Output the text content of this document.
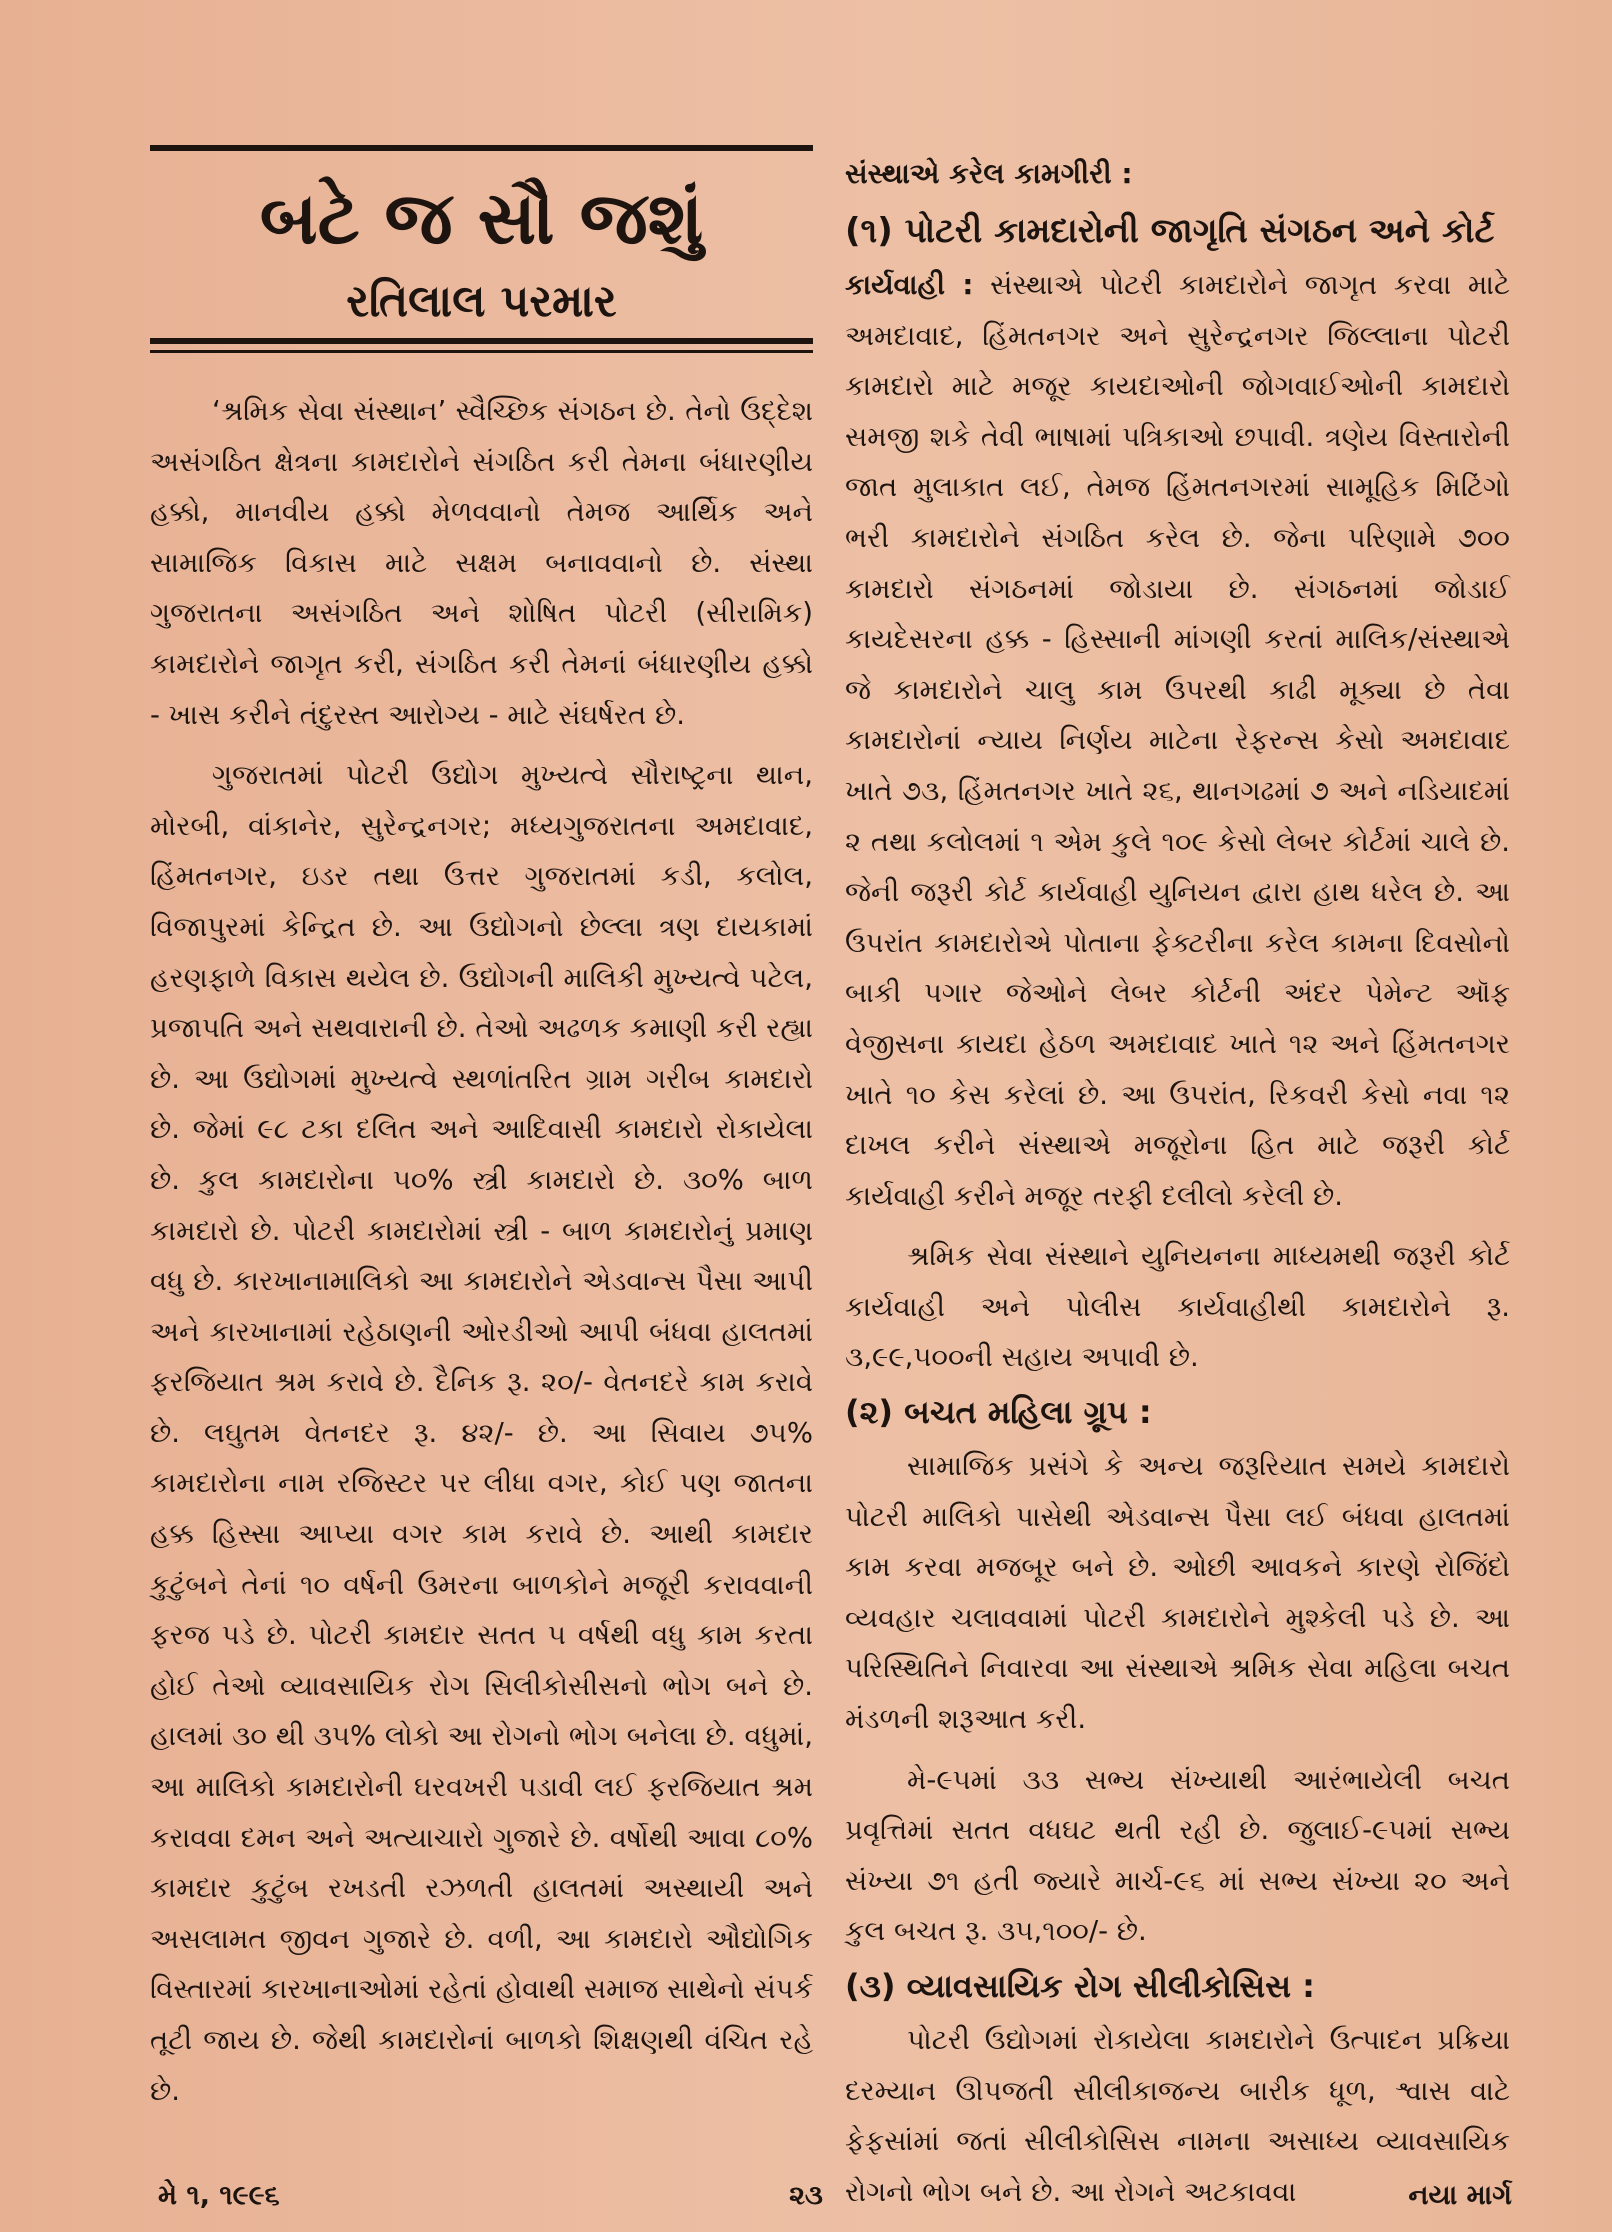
બટે જ સૌ જશું
રતિલાલ પરમાર

‘શ્રમિક સેવા સંસ્થાન’ સ્વૈચ્છિક સંગઠન છે. તેનો ઉદ્દેશ અસંગઠિત ક્ષેત્રના કામદારોને સંગઠિત કરી તેમના બંધારણીય હક્કો, માનવીય હક્કો મેળવવાનો તેમજ આર્થિક અને સામાજિક વિકાસ માટે સક્ષમ બનાવવાનો છે. સંસ્થા ગુજરાતના અસંગઠિત અને શોષિત પોટરી (સીરામિક) કામદારોને જાગૃત કરી, સંગઠિત કરી તેમનાં બંધારણીય હક્કો - ખાસ કરીને તંદુરસ્ત આરોગ્ય - માટે સંઘર્ષરત છે.

ગુજરાતમાં પોટરી ઉદ્યોગ મુખ્યત્વે સૌરાષ્ટ્રના થાન, મોરબી, વાંકાનેર, સુરેન્દ્રનગર; મધ્યગુજરાતના અમદાવાદ, હિંમતનગર, ઇડર તથા ઉત્તર ગુજરાતમાં કડી, કલોલ, વિજાપુરમાં કેન્દ્રિત છે. આ ઉદ્યોગનો છેલ્લા ત્રણ દાયકામાં હરણફાળે વિકાસ થયેલ છે. ઉદ્યોગની માલિકી મુખ્યત્વે પટેલ, પ્રજાપતિ અને સથવારાની છે. તેઓ અઢળક કમાણી કરી રહ્યા છે. આ ઉદ્યોગમાં મુખ્યત્વે સ્થળાંતરિત ગ્રામ ગરીબ કામદારો છે. જેમાં ૯૮ ટકા દલિત અને આદિવાસી કામદારો રોકાયેલા છે. કુલ કામદારોના ૫૦% સ્ત્રી કામદારો છે. ૩૦% બાળ કામદારો છે. પોટરી કામદારોમાં સ્ત્રી - બાળ કામદારોનું પ્રમાણ વધુ છે. કારખાનામાલિકો આ કામદારોને એડવાન્સ પૈસા આપી અને કારખાનામાં રહેઠાણની ઓરડીઓ આપી બંધવા હાલતમાં ફરજિયાત શ્રમ કરાવે છે. દૈનિક રૂ. ૨૦/- વેતનદરે કામ કરાવે છે. લઘુતમ વેતનદર રૂ. ૪૨/- છે. આ સિવાય ૭૫% કામદારોના નામ રજિસ્ટર પર લીધા વગર, કોઈ પણ જાતના હક્ક હિસ્સા આપ્યા વગર કામ કરાવે છે. આથી કામદાર કુટુંબને તેનાં ૧૦ વર્ષની ઉમરના બાળકોને મજૂરી કરાવવાની ફરજ પડે છે. પોટરી કામદાર સતત ૫ વર્ષથી વધુ કામ કરતા હોઈ તેઓ વ્યાવસાયિક રોગ સિલીકોસીસનો ભોગ બને છે. હાલમાં ૩૦ થી ૩૫% લોકો આ રોગનો ભોગ બનેલા છે. વધુમાં, આ માલિકો કામદારોની ઘરવખરી પડાવી લઈ ફરજિયાત શ્રમ કરાવવા દમન અને અત્યાચારો ગુજારે છે. વર્ષોથી આવા ૮૦% કામદાર કુટુંબ રખડતી રઝળતી હાલતમાં અસ્થાયી અને અસલામત જીવન ગુજારે છે. વળી, આ કામદારો ઔદ્યોગિક વિસ્તારમાં કારખાનાઓમાં રહેતાં હોવાથી સમાજ સાથેનો સંપર્ક તૂટી જાય છે. જેથી કામદારોનાં બાળકો શિક્ષણથી વંચિત રહે છે.

સંસ્થાએ કરેલ કામગીરી :

(૧) પોટરી કામદારોની જાગૃતિ સંગઠન અને કોર્ટ

કાર્યવાહી : સંસ્થાએ પોટરી કામદારોને જાગૃત કરવા માટે અમદાવાદ, હિંમતનગર અને સુરેન્દ્રનગર જિલ્લાના પોટરી કામદારો માટે મજૂર કાયદાઓની જોગવાઈઓની કામદારો સમજી શકે તેવી ભાષામાં પત્રિકાઓ છપાવી. ત્રણેય વિસ્તારોની જાત મુલાકાત લઈ, તેમજ હિંમતનગરમાં સામૂહિક મિટિંગો ભરી કામદારોને સંગઠિત કરેલ છે. જેના પરિણામે ૭૦૦ કામદારો સંગઠનમાં જોડાયા છે. સંગઠનમાં જોડાઈ કાયદેસરના હક્ક - હિસ્સાની માંગણી કરતાં માલિક/સંસ્થાએ જે કામદારોને ચાલુ કામ ઉપરથી કાઢી મૂક્યા છે તેવા કામદારોનાં ન્યાય નિર્ણય માટેના રેફરન્સ કેસો અમદાવાદ ખાતે ૭૩, હિંમતનગર ખાતે ૨૬, થાનગઢમાં ૭ અને નડિયાદમાં ૨ તથા કલોલમાં ૧ એમ કુલે ૧૦૯ કેસો લેબર કોર્ટમાં ચાલે છે. જેની જરૂરી કોર્ટ કાર્યવાહી યુનિયન દ્વારા હાથ ધરેલ છે. આ ઉપરાંત કામદારોએ પોતાના ફેક્ટરીના કરેલ કામના દિવસોનો બાકી પગાર જેઓને લેબર કોર્ટની અંદર પેમેન્ટ ઑફ વેજીસના કાયદા હેઠળ અમદાવાદ ખાતે ૧૨ અને હિંમતનગર ખાતે ૧૦ કેસ કરેલાં છે. આ ઉપરાંત, રિકવરી કેસો નવા ૧૨ દાખલ કરીને સંસ્થાએ મજૂરોના હિત માટે જરૂરી કોર્ટ કાર્યવાહી કરીને મજૂર તરફી દલીલો કરેલી છે.

શ્રમિક સેવા સંસ્થાને યુનિયનના માધ્યમથી જરૂરી કોર્ટ કાર્યવાહી અને પોલીસ કાર્યવાહીથી કામદારોને રૂ. ૩,૯૯,૫૦૦ની સહાય અપાવી છે.

(૨) બચત મહિલા ગ્રૂપ :

સામાજિક પ્રસંગે કે અન્ય જરૂરિયાત સમયે કામદારો પોટરી માલિકો પાસેથી એડવાન્સ પૈસા લઈ બંધવા હાલતમાં કામ કરવા મજબૂર બને છે. ઓછી આવકને કારણે રોજિંદો વ્યવહાર ચલાવવામાં પોટરી કામદારોને મુશ્કેલી પડે છે. આ પરિસ્થિતિને નિવારવા આ સંસ્થાએ શ્રમિક સેવા મહિલા બચત મંડળની શરૂઆત કરી.

મે-૯૫માં ૩૩ સભ્ય સંખ્યાથી આરંભાયેલી બચત પ્રવૃત્તિમાં સતત વધઘટ થતી રહી છે. જુલાઈ-૯૫માં સભ્ય સંખ્યા ૭૧ હતી જ્યારે માર્ચ-૯૬ માં સભ્ય સંખ્યા ૨૦ અને કુલ બચત રૂ. ૩૫,૧૦૦/- છે.

(૩) વ્યાવસાયિક રોગ સીલીકોસિસ :

પોટરી ઉદ્યોગમાં રોકાયેલા કામદારોને ઉત્પાદન પ્રક્રિયા દરમ્યાન ઊપજતી સીલીકાજન્ય બારીક ધૂળ, શ્વાસ વાટે ફેફસાંમાં જતાં સીલીકોસિસ નામના અસાધ્ય વ્યાવસાયિક રોગનો ભોગ બને છે. આ રોગને અટકાવવા

મે ૧, ૧૯૯૬	૨૩	નયા માર્ગ
